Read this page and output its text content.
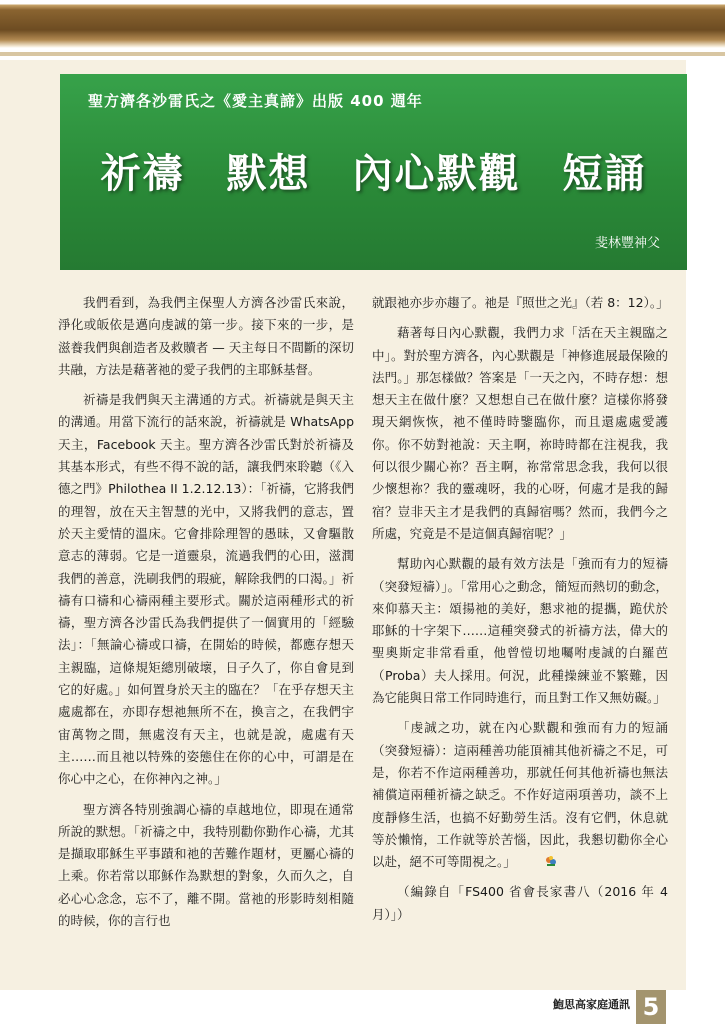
聖方濟各沙雷氏之《愛主真諦》出版 400 週年
祈禱　默想　內心默觀　短誦
斐林豐神父

我們看到，為我們主保聖人方濟各沙雷氏來說，淨化或皈依是邁向虔誠的第一步。接下來的一步，是滋養我們與創造者及救贖者 — 天主每日不間斷的深切共融，方法是藉著祂的愛子我們的主耶穌基督。

祈禱是我們與天主溝通的方式。祈禱就是與天主的溝通。用當下流行的話來說，祈禱就是 WhatsApp 天主，Facebook 天主。聖方濟各沙雷氏對於祈禱及其基本形式，有些不得不說的話，讓我們來聆聽（《入德之門》Philothea II 1.2.12.13）：「祈禱，它將我們的理智，放在天主智慧的光中，又將我們的意志，置於天主愛情的溫床。它會排除理智的愚昧，又會驅散意志的薄弱。它是一道靈泉，流過我們的心田，滋潤我們的善意，洗刷我們的瑕疵，解除我們的口渴。」祈禱有口禱和心禱兩種主要形式。關於這兩種形式的祈禱，聖方濟各沙雷氏為我們提供了一個實用的「經驗法」：「無論心禱或口禱，在開始的時候，都應存想天主親臨，這條規矩總別破壞，日子久了，你自會見到它的好處。」如何置身於天主的臨在？「在乎存想天主處處都在，亦即存想祂無所不在，換言之，在我們宇宙萬物之間，無處沒有天主，也就是說，處處有天主……而且祂以特殊的姿態住在你的心中，可謂是在你心中之心，在你神內之神。」

聖方濟各特別強調心禱的卓越地位，即現在通常所說的默想。「祈禱之中，我特別勸你勤作心禱，尤其是擷取耶穌生平事蹟和祂的苦難作題材，更屬心禱的上乘。你若常以耶穌作為默想的對象，久而久之，自必心心念念，忘不了，離不開。當祂的形影時刻相隨的時候，你的言行也

就跟祂亦步亦趨了。祂是『照世之光』（若 8：12）。」

藉著每日內心默觀，我們力求「活在天主親臨之中」。對於聖方濟各，內心默觀是「神修進展最保險的法門。」那怎樣做？答案是「一天之內，不時存想：想想天主在做什麼？又想想自己在做什麼？這樣你將發現天網恢恢，祂不僅時時鑒臨你，而且還處處愛護你。你不妨對祂說：天主啊，祢時時都在注視我，我何以很少關心祢？吾主啊，祢常常思念我，我何以很少懷想祢？我的靈魂呀，我的心呀，何處才是我的歸宿？豈非天主才是我們的真歸宿嗎？然而，我們今之所處，究竟是不是這個真歸宿呢？」

幫助內心默觀的最有效方法是「強而有力的短禱（突發短禱）」。「常用心之動念，簡短而熱切的動念，來仰慕天主：頌揚祂的美好，懇求祂的提攜，跪伏於耶穌的十字架下……這種突發式的祈禱方法，偉大的聖奧斯定非常看重，他曾愷切地囑咐虔誠的白羅芭（Proba）夫人採用。何況，此種操練並不繁難，因為它能與日常工作同時進行，而且對工作又無妨礙。」

「虔誠之功，就在內心默觀和強而有力的短誦（突發短禱）：這兩種善功能頂補其他祈禱之不足，可是，你若不作這兩種善功，那就任何其他祈禱也無法補償這兩種祈禱之缺乏。不作好這兩項善功，談不上度靜修生活，也搞不好勤勞生活。沒有它們，休息就等於懶惰，工作就等於苦惱，因此，我懇切勸你全心以赴，絕不可等閒視之。」

（編錄自「FS400 省會長家書八（2016 年 4 月）」）

鮑思高家庭通訊 5
